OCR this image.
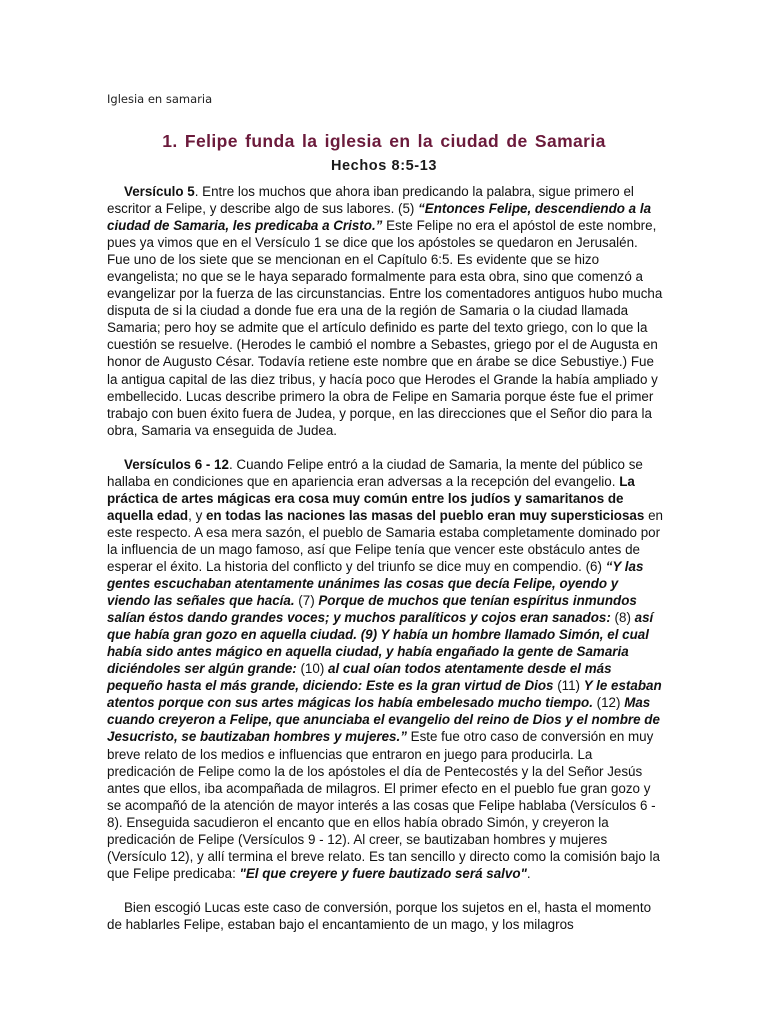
Iglesia en samaria
1. Felipe funda la iglesia en la ciudad de Samaria
Hechos 8:5-13

Versículo 5. Entre los muchos que ahora iban predicando la palabra, sigue primero el escritor a Felipe, y describe algo de sus labores. (5) “Entonces Felipe, descendiendo a la ciudad de Samaria, les predicaba a Cristo.” Este Felipe no era el apóstol de este nombre, pues ya vimos que en el Versículo 1 se dice que los apóstoles se quedaron en Jerusalén. Fue uno de los siete que se mencionan en el Capítulo 6:5. Es evidente que se hizo evangelista; no que se le haya separado formalmente para esta obra, sino que comenzó a evangelizar por la fuerza de las circunstancias. Entre los comentadores antiguos hubo mucha disputa de si la ciudad a donde fue era una de la región de Samaria o la ciudad llamada Samaria; pero hoy se admite que el artículo definido es parte del texto griego, con lo que la cuestión se resuelve. (Herodes le cambió el nombre a Sebastes, griego por el de Augusta en honor de Augusto César. Todavía retiene este nombre que en árabe se dice Sebustiye.) Fue la antigua capital de las diez tribus, y hacía poco que Herodes el Grande la había ampliado y embellecido. Lucas describe primero la obra de Felipe en Samaria porque éste fue el primer trabajo con buen éxito fuera de Judea, y porque, en las direcciones que el Señor dio para la obra, Samaria va enseguida de Judea.

Versículos 6 - 12. Cuando Felipe entró a la ciudad de Samaria, la mente del público se hallaba en condiciones que en apariencia eran adversas a la recepción del evangelio. La práctica de artes mágicas era cosa muy común entre los judíos y samaritanos de aquella edad, y en todas las naciones las masas del pueblo eran muy supersticiosas en este respecto. A esa mera sazón, el pueblo de Samaria estaba completamente dominado por la influencia de un mago famoso, así que Felipe tenía que vencer este obstáculo antes de esperar el éxito. La historia del conflicto y del triunfo se dice muy en compendio. (6) “Y las gentes escuchaban atentamente unánimes las cosas que decía Felipe, oyendo y viendo las señales que hacía. (7) Porque de muchos que tenían espíritus inmundos salían éstos dando grandes voces; y muchos paralíticos y cojos eran sanados: (8) así que había gran gozo en aquella ciudad. (9) Y había un hombre llamado Simón, el cual había sido antes mágico en aquella ciudad, y había engañado la gente de Samaria diciéndoles ser algún grande: (10) al cual oían todos atentamente desde el más pequeño hasta el más grande, diciendo: Este es la gran virtud de Dios (11) Y le estaban atentos porque con sus artes mágicas los había embelesado mucho tiempo. (12) Mas cuando creyeron a Felipe, que anunciaba el evangelio del reino de Dios y el nombre de Jesucristo, se bautizaban hombres y mujeres.” Este fue otro caso de conversión en muy breve relato de los medios e influencias que entraron en juego para producirla. La predicación de Felipe como la de los apóstoles el día de Pentecostés y la del Señor Jesús antes que ellos, iba acompañada de milagros. El primer efecto en el pueblo fue gran gozo y se acompañó de la atención de mayor interés a las cosas que Felipe hablaba (Versículos 6 - 8). Enseguida sacudieron el encanto que en ellos había obrado Simón, y creyeron la predicación de Felipe (Versículos 9 - 12). Al creer, se bautizaban hombres y mujeres (Versículo 12), y allí termina el breve relato. Es tan sencillo y directo como la comisión bajo la que Felipe predicaba: "El que creyere y fuere bautizado será salvo".

Bien escogió Lucas este caso de conversión, porque los sujetos en el, hasta el momento de hablarles Felipe, estaban bajo el encantamiento de un mago, y los milagros
